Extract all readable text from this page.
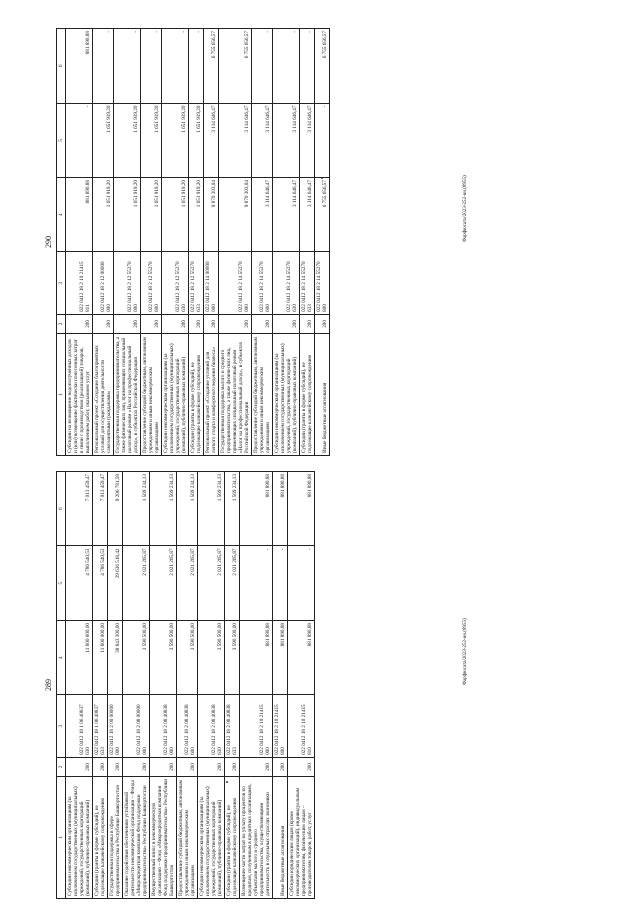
289
1	2	3	4	5	6
Субсидии некоммерческим организациям (за исключением государственных (муниципальных) учреждений, государственных корпораций (компаний), публично-правовых компаний)	200	022 0412 18 1 06 40837 630	11 800 000,00	4 786 540,53	7 013 459,47
Субсидии (гранты в форме субсидий), не подлежащие казначейскому сопровождению	200	022 0412 18 1 06 40837 633	11 800 000,00	4 786 540,53	7 013 459,47
Государственная поддержка в сфере предпринимательства в Республике Башкортостан	200	022 0412 18 2 00 00000 000	38 843 300,00	29 636 518,42	9 206 781,58
Оказание содействия обеспечению устойчивой деятельности некоммерческой организации – Фонда «Микрокредитная компания Фонд поддержки предпринимательства» Республики Башкортостан	200	022 0412 18 2 08 00000 000	3 590 500,00	2 021 265,87	1 569 234,13
Имущественный взнос в некоммерческую организацию – Фонд «Микрокредитная компания Фонд поддержки предпринимательства» Республики Башкортостан	200	022 0412 18 2 08 40838 000	3 590 500,00	2 021 265,87	1 569 234,13
Предоставление субсидий бюджетным, автономным учреждениям и иным некоммерческим организациям	200	022 0412 18 2 08 40838 600	3 590 500,00	2 021 265,87	1 569 234,13
Субсидии некоммерческим организациям (за исключением государственных (муниципальных) учреждений, государственных корпораций (компаний), публично-правовых компаний)	200	022 0412 18 2 08 40838 630	3 590 500,00	2 021 265,87	1 569 234,13
Субсидии (гранты в форме субсидий), не подлежащие казначейскому сопровождению	200	022 0412 18 2 08 40838 633	3 590 500,00	2 021 265,87	1 569 234,13
Возмещение части затрат на уплату процентов по кредитам, полученным в кредитных организациях, субъектами малого и среднего предпринимательства, осуществляющими деятельность в отдельных отраслях экономики	200	022 0412 18 2 10 21415 000	881 890,88	-	881 890,88
Иные бюджетные ассигнования	200	022 0412 18 2 10 21415 800	881 890,88	-	881 890,88
Субсидии юридическим лицам (кроме некоммерческих организаций), индивидуальным предпринимателям, физическим лицам – производителям товаров, работ, услуг	200	022 0412 18 2 10 21415 810	881 890,88	-	881 890,88
Фарфюсата/2023-252-ин.(8955)
290
1	2	3	4	5	6
Субсидии на возмещение недополученных доходов и (или) возмещение фактически понесенных затрат в связи с производством (реализацией) товаров, выполнением работ, оказанием услуг	200	022 0412 18 2 10 21415 811	881 890,88	-	881 890,88
Региональный проект «Создание благоприятных условий для осуществления деятельности самозанятыми гражданами»	200	022 0412 18 2 12 00000 000	1 651 919,20	1 651 919,20	-
Государственная поддержка предпринимательства, а также физических лиц, применяющих специальный налоговый режим «Налог на профессиональный доход», в субъектах Российской Федерации	200	022 0412 18 2 12 55270 000	1 651 919,20	1 651 919,20	-
Предоставление субсидий бюджетным, автономным учреждениям и иным некоммерческим организациям	200	022 0412 18 2 12 55270 600	1 651 919,20	1 651 919,20	-
Субсидии некоммерческим организациям (за исключением государственных (муниципальных) учреждений, государственных корпораций (компаний), публично-правовых компаний)	200	022 0412 18 2 12 55270 630	1 651 919,20	1 651 919,20	-
Субсидии (гранты в форме субсидий), не подлежащие казначейскому сопровождению	200	022 0412 18 2 12 55270 633	1 651 919,20	1 651 919,20	-
Региональный проект «Создание условий для легкого старта и комфортного ведения бизнеса»	200	022 0412 18 2 14 00000 000	9 870 303,04	3 114 646,47	6 755 656,57
Государственная поддержка малого и среднего предпринимательства, а также физических лиц, применяющих специальный налоговый режим «Налог на профессиональный доход», в субъектах Российской Федерации	200	022 0412 18 2 14 55270 000	9 870 303,04	3 114 646,47	6 755 656,57
Предоставление субсидий бюджетным, автономным учреждениям и иным некоммерческим организациям	200	022 0412 18 2 14 55270 600	3 114 646,47	3 114 646,47	-
Субсидии некоммерческим организациям (за исключением государственных (муниципальных) учреждений, государственных корпораций (компаний), публично-правовых компаний)	200	022 0412 18 2 14 55270 630	3 114 646,47	3 114 646,47	-
Субсидии (гранты в форме субсидий), не подлежащие казначейскому сопровождению	200	022 0412 18 2 14 55270 633	3 114 646,47	3 114 646,47	-
Иные бюджетные ассигнования	200	022 0412 18 2 14 55270 800	6 755 656,57	-	6 755 656,57
Фарфюсата/2023-252-ин.(8955)
